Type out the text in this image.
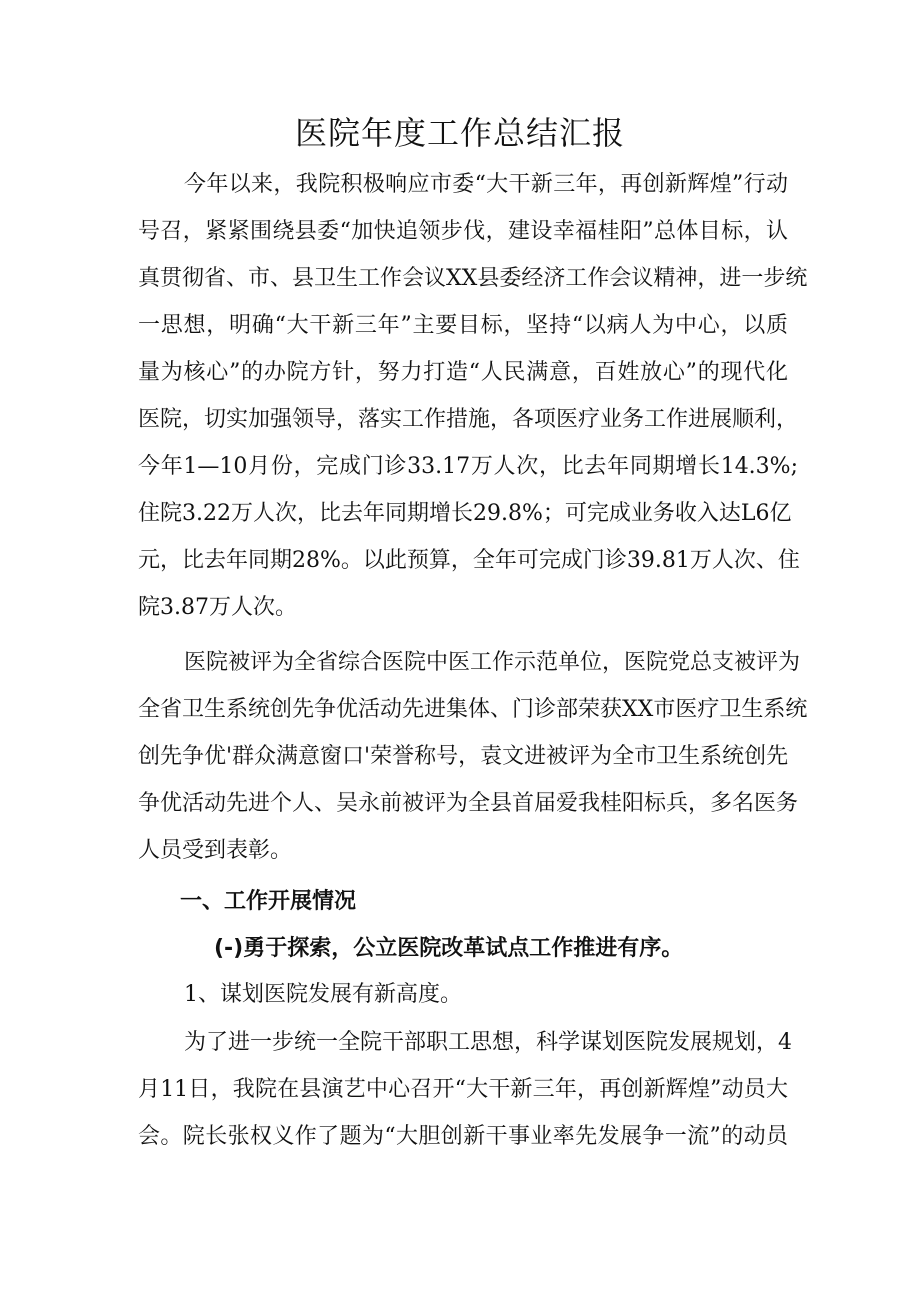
医院年度工作总结汇报
今年以来，我院积极响应市委“大干新三年，再创新辉煌”行动
号召，紧紧围绕县委“加快追领步伐，建设幸福桂阳”总体目标，认
真贯彻省、市、县卫生工作会议XX县委经济工作会议精神，进一步统
一思想，明确“大干新三年”主要目标，坚持“以病人为中心，以质
量为核心”的办院方针，努力打造“人民满意，百姓放心”的现代化
医院，切实加强领导，落实工作措施，各项医疗业务工作进展顺利，
今年1—10月份，完成门诊33.17万人次，比去年同期增长14.3%;
住院3.22万人次，比去年同期增长29.8%；可完成业务收入达L6亿
元，比去年同期28%。以此预算，全年可完成门诊39.81万人次、住
院3.87万人次。
医院被评为全省综合医院中医工作示范单位，医院党总支被评为
全省卫生系统创先争优活动先进集体、门诊部荣获XX市医疗卫生系统
创先争优'群众满意窗口'荣誉称号，袁文进被评为全市卫生系统创先
争优活动先进个人、吴永前被评为全县首届爱我桂阳标兵，多名医务
人员受到表彰。
一、工作开展情况
(-)勇于探索，公立医院改革试点工作推进有序。
1、谋划医院发展有新高度。
为了进一步统一全院干部职工思想，科学谋划医院发展规划，4
月11日，我院在县演艺中心召开“大干新三年，再创新辉煌”动员大
会。院长张权义作了题为“大胆创新干事业率先发展争一流”的动员
